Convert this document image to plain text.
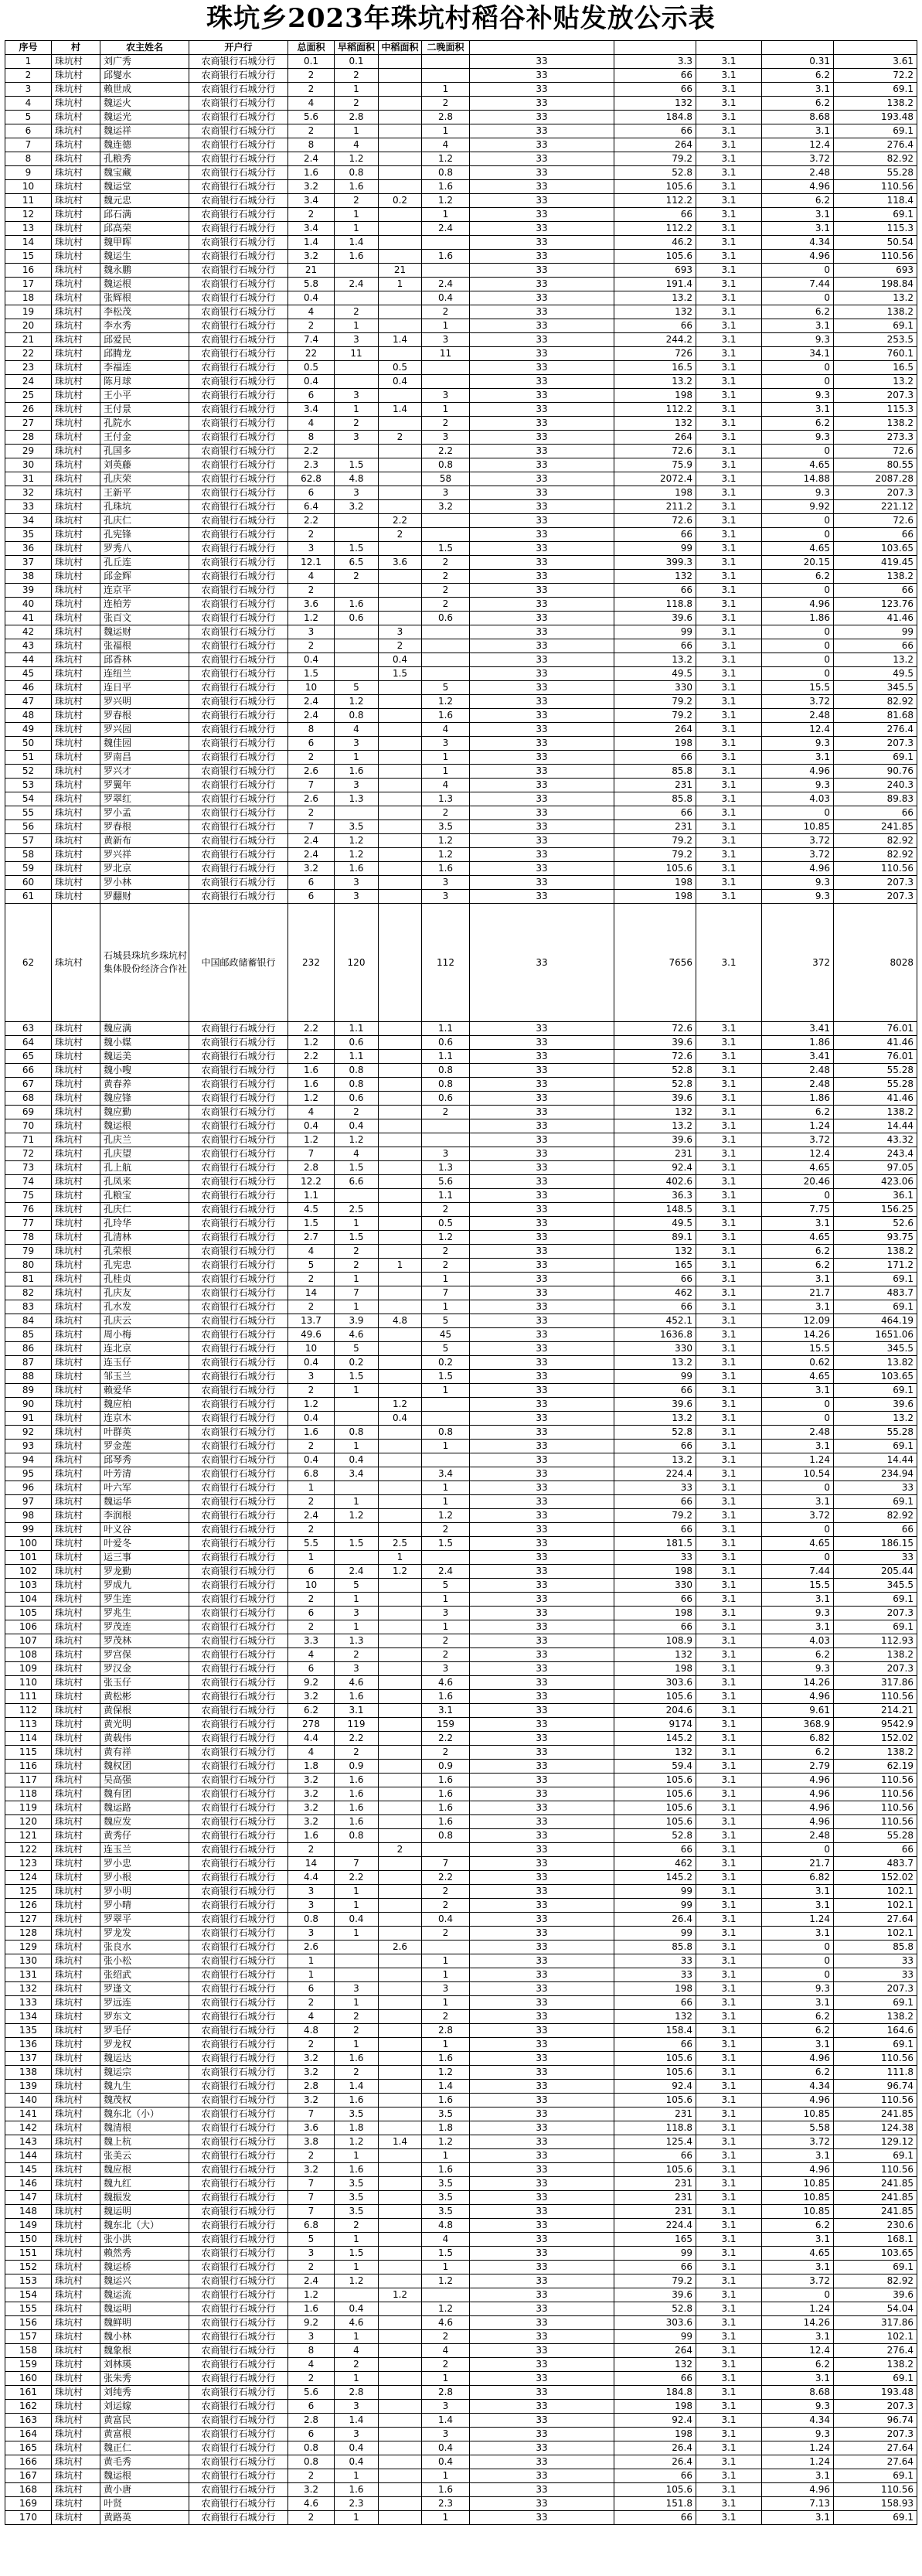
珠坑乡2023年珠坑村稻谷补贴发放公示表
序号	村	农主姓名	开户行	总面积	早稻面积	中稻面积	二晚面积					
1	珠坑村	刘广秀	农商银行石城分行	0.1	0.1			33	3.3	3.1	0.31	3.61
2	珠坑村	邱燮水	农商银行石城分行	2	2			33	66	3.1	6.2	72.2
3	珠坑村	赖世成	农商银行石城分行	2	1		1	33	66	3.1	3.1	69.1
4	珠坑村	魏运火	农商银行石城分行	4	2		2	33	132	3.1	6.2	138.2
5	珠坑村	魏运光	农商银行石城分行	5.6	2.8		2.8	33	184.8	3.1	8.68	193.48
6	珠坑村	魏运祥	农商银行石城分行	2	1		1	33	66	3.1	3.1	69.1
7	珠坑村	魏连德	农商银行石城分行	8	4		4	33	264	3.1	12.4	276.4
8	珠坑村	孔粮秀	农商银行石城分行	2.4	1.2		1.2	33	79.2	3.1	3.72	82.92
9	珠坑村	魏宝藏	农商银行石城分行	1.6	0.8		0.8	33	52.8	3.1	2.48	55.28
10	珠坑村	魏运堂	农商银行石城分行	3.2	1.6		1.6	33	105.6	3.1	4.96	110.56
11	珠坑村	魏元忠	农商银行石城分行	3.4	2	0.2	1.2	33	112.2	3.1	6.2	118.4
12	珠坑村	邱石满	农商银行石城分行	2	1		1	33	66	3.1	3.1	69.1
13	珠坑村	邱高荣	农商银行石城分行	3.4	1		2.4	33	112.2	3.1	3.1	115.3
14	珠坑村	魏甲晖	农商银行石城分行	1.4	1.4			33	46.2	3.1	4.34	50.54
15	珠坑村	魏运生	农商银行石城分行	3.2	1.6		1.6	33	105.6	3.1	4.96	110.56
16	珠坑村	魏永鹏	农商银行石城分行	21		21		33	693	3.1	0	693
17	珠坑村	魏运根	农商银行石城分行	5.8	2.4	1	2.4	33	191.4	3.1	7.44	198.84
18	珠坑村	张辉根	农商银行石城分行	0.4			0.4	33	13.2	3.1	0	13.2
19	珠坑村	李松茂	农商银行石城分行	4	2		2	33	132	3.1	6.2	138.2
20	珠坑村	李水秀	农商银行石城分行	2	1		1	33	66	3.1	3.1	69.1
21	珠坑村	邱爱民	农商银行石城分行	7.4	3	1.4	3	33	244.2	3.1	9.3	253.5
22	珠坑村	邱腾龙	农商银行石城分行	22	11		11	33	726	3.1	34.1	760.1
23	珠坑村	李福连	农商银行石城分行	0.5		0.5		33	16.5	3.1	0	16.5
24	珠坑村	陈月球	农商银行石城分行	0.4		0.4		33	13.2	3.1	0	13.2
25	珠坑村	王小平	农商银行石城分行	6	3		3	33	198	3.1	9.3	207.3
26	珠坑村	王付景	农商银行石城分行	3.4	1	1.4	1	33	112.2	3.1	3.1	115.3
27	珠坑村	孔院水	农商银行石城分行	4	2		2	33	132	3.1	6.2	138.2
28	珠坑村	王付金	农商银行石城分行	8	3	2	3	33	264	3.1	9.3	273.3
29	珠坑村	孔国多	农商银行石城分行	2.2			2.2	33	72.6	3.1	0	72.6
30	珠坑村	刘英藤	农商银行石城分行	2.3	1.5		0.8	33	75.9	3.1	4.65	80.55
31	珠坑村	孔庆荣	农商银行石城分行	62.8	4.8		58	33	2072.4	3.1	14.88	2087.28
32	珠坑村	王新平	农商银行石城分行	6	3		3	33	198	3.1	9.3	207.3
33	珠坑村	孔珠坑	农商银行石城分行	6.4	3.2		3.2	33	211.2	3.1	9.92	221.12
34	珠坑村	孔庆仁	农商银行石城分行	2.2		2.2		33	72.6	3.1	0	72.6
35	珠坑村	孔宪锋	农商银行石城分行	2		2		33	66	3.1	0	66
36	珠坑村	罗秀八	农商银行石城分行	3	1.5		1.5	33	99	3.1	4.65	103.65
37	珠坑村	孔丘连	农商银行石城分行	12.1	6.5	3.6	2	33	399.3	3.1	20.15	419.45
38	珠坑村	邱金辉	农商银行石城分行	4	2		2	33	132	3.1	6.2	138.2
39	珠坑村	连京平	农商银行石城分行	2			2	33	66	3.1	0	66
40	珠坑村	连柏芳	农商银行石城分行	3.6	1.6		2	33	118.8	3.1	4.96	123.76
41	珠坑村	张百文	农商银行石城分行	1.2	0.6		0.6	33	39.6	3.1	1.86	41.46
42	珠坑村	魏运财	农商银行石城分行	3		3		33	99	3.1	0	99
43	珠坑村	张福根	农商银行石城分行	2		2		33	66	3.1	0	66
44	珠坑村	邱香林	农商银行石城分行	0.4		0.4		33	13.2	3.1	0	13.2
45	珠坑村	连纽兰	农商银行石城分行	1.5		1.5		33	49.5	3.1	0	49.5
46	珠坑村	连日平	农商银行石城分行	10	5		5	33	330	3.1	15.5	345.5
47	珠坑村	罗兴明	农商银行石城分行	2.4	1.2		1.2	33	79.2	3.1	3.72	82.92
48	珠坑村	罗春根	农商银行石城分行	2.4	0.8		1.6	33	79.2	3.1	2.48	81.68
49	珠坑村	罗兴园	农商银行石城分行	8	4		4	33	264	3.1	12.4	276.4
50	珠坑村	魏佳园	农商银行石城分行	6	3		3	33	198	3.1	9.3	207.3
51	珠坑村	罗南昌	农商银行石城分行	2	1		1	33	66	3.1	3.1	69.1
52	珠坑村	罗兴才	农商银行石城分行	2.6	1.6		1	33	85.8	3.1	4.96	90.76
53	珠坑村	罗翼年	农商银行石城分行	7	3		4	33	231	3.1	9.3	240.3
54	珠坑村	罗翠红	农商银行石城分行	2.6	1.3		1.3	33	85.8	3.1	4.03	89.83
55	珠坑村	罗小孟	农商银行石城分行	2			2	33	66	3.1	0	66
56	珠坑村	罗春根	农商银行石城分行	7	3.5		3.5	33	231	3.1	10.85	241.85
57	珠坑村	黄新布	农商银行石城分行	2.4	1.2		1.2	33	79.2	3.1	3.72	82.92
58	珠坑村	罗兴祥	农商银行石城分行	2.4	1.2		1.2	33	79.2	3.1	3.72	82.92
59	珠坑村	罗北京	农商银行石城分行	3.2	1.6		1.6	33	105.6	3.1	4.96	110.56
60	珠坑村	罗小林	农商银行石城分行	6	3		3	33	198	3.1	9.3	207.3
61	珠坑村	罗翻财	农商银行石城分行	6	3		3	33	198	3.1	9.3	207.3
62	珠坑村	石城县珠坑乡珠坑村集体股份经济合作社	中国邮政储蓄银行	232	120		112	33	7656	3.1	372	8028
63	珠坑村	魏应满	农商银行石城分行	2.2	1.1		1.1	33	72.6	3.1	3.41	76.01
64	珠坑村	魏小媒	农商银行石城分行	1.2	0.6		0.6	33	39.6	3.1	1.86	41.46
65	珠坑村	魏运美	农商银行石城分行	2.2	1.1		1.1	33	72.6	3.1	3.41	76.01
66	珠坑村	魏小嗖	农商银行石城分行	1.6	0.8		0.8	33	52.8	3.1	2.48	55.28
67	珠坑村	黄春养	农商银行石城分行	1.6	0.8		0.8	33	52.8	3.1	2.48	55.28
68	珠坑村	魏应锋	农商银行石城分行	1.2	0.6		0.6	33	39.6	3.1	1.86	41.46
69	珠坑村	魏应勤	农商银行石城分行	4	2		2	33	132	3.1	6.2	138.2
70	珠坑村	魏运根	农商银行石城分行	0.4	0.4			33	13.2	3.1	1.24	14.44
71	珠坑村	孔庆兰	农商银行石城分行	1.2	1.2			33	39.6	3.1	3.72	43.32
72	珠坑村	孔庆望	农商银行石城分行	7	4		3	33	231	3.1	12.4	243.4
73	珠坑村	孔上航	农商银行石城分行	2.8	1.5		1.3	33	92.4	3.1	4.65	97.05
74	珠坑村	孔凤来	农商银行石城分行	12.2	6.6		5.6	33	402.6	3.1	20.46	423.06
75	珠坑村	孔粮宝	农商银行石城分行	1.1			1.1	33	36.3	3.1	0	36.1
76	珠坑村	孔庆仁	农商银行石城分行	4.5	2.5		2	33	148.5	3.1	7.75	156.25
77	珠坑村	孔玲华	农商银行石城分行	1.5	1		0.5	33	49.5	3.1	3.1	52.6
78	珠坑村	孔清林	农商银行石城分行	2.7	1.5		1.2	33	89.1	3.1	4.65	93.75
79	珠坑村	孔荣根	农商银行石城分行	4	2		2	33	132	3.1	6.2	138.2
80	珠坑村	孔宪忠	农商银行石城分行	5	2	1	2	33	165	3.1	6.2	171.2
81	珠坑村	孔桂贞	农商银行石城分行	2	1		1	33	66	3.1	3.1	69.1
82	珠坑村	孔庆友	农商银行石城分行	14	7		7	33	462	3.1	21.7	483.7
83	珠坑村	孔水发	农商银行石城分行	2	1		1	33	66	3.1	3.1	69.1
84	珠坑村	孔庆云	农商银行石城分行	13.7	3.9	4.8	5	33	452.1	3.1	12.09	464.19
85	珠坑村	周小梅	农商银行石城分行	49.6	4.6		45	33	1636.8	3.1	14.26	1651.06
86	珠坑村	连北京	农商银行石城分行	10	5		5	33	330	3.1	15.5	345.5
87	珠坑村	连玉仔	农商银行石城分行	0.4	0.2		0.2	33	13.2	3.1	0.62	13.82
88	珠坑村	邹玉兰	农商银行石城分行	3	1.5		1.5	33	99	3.1	4.65	103.65
89	珠坑村	赖爱华	农商银行石城分行	2	1		1	33	66	3.1	3.1	69.1
90	珠坑村	魏应柏	农商银行石城分行	1.2		1.2		33	39.6	3.1	0	39.6
91	珠坑村	连京木	农商银行石城分行	0.4		0.4		33	13.2	3.1	0	13.2
92	珠坑村	叶群英	农商银行石城分行	1.6	0.8		0.8	33	52.8	3.1	2.48	55.28
93	珠坑村	罗金莲	农商银行石城分行	2	1		1	33	66	3.1	3.1	69.1
94	珠坑村	邱琴秀	农商银行石城分行	0.4	0.4			33	13.2	3.1	1.24	14.44
95	珠坑村	叶芳清	农商银行石城分行	6.8	3.4		3.4	33	224.4	3.1	10.54	234.94
96	珠坑村	叶六军	农商银行石城分行	1			1	33	33	3.1	0	33
97	珠坑村	魏运华	农商银行石城分行	2	1		1	33	66	3.1	3.1	69.1
98	珠坑村	李润根	农商银行石城分行	2.4	1.2		1.2	33	79.2	3.1	3.72	82.92
99	珠坑村	叶义谷	农商银行石城分行	2			2	33	66	3.1	0	66
100	珠坑村	叶爱冬	农商银行石城分行	5.5	1.5	2.5	1.5	33	181.5	3.1	4.65	186.15
101	珠坑村	运三事	农商银行石城分行	1		1		33	33	3.1	0	33
102	珠坑村	罗龙勤	农商银行石城分行	6	2.4	1.2	2.4	33	198	3.1	7.44	205.44
103	珠坑村	罗成九	农商银行石城分行	10	5		5	33	330	3.1	15.5	345.5
104	珠坑村	罗生连	农商银行石城分行	2	1		1	33	66	3.1	3.1	69.1
105	珠坑村	罗兆生	农商银行石城分行	6	3		3	33	198	3.1	9.3	207.3
106	珠坑村	罗茂连	农商银行石城分行	2	1		1	33	66	3.1	3.1	69.1
107	珠坑村	罗茂林	农商银行石城分行	3.3	1.3		2	33	108.9	3.1	4.03	112.93
108	珠坑村	罗宫保	农商银行石城分行	4	2		2	33	132	3.1	6.2	138.2
109	珠坑村	罗汉金	农商银行石城分行	6	3		3	33	198	3.1	9.3	207.3
110	珠坑村	张玉仔	农商银行石城分行	9.2	4.6		4.6	33	303.6	3.1	14.26	317.86
111	珠坑村	黄松彬	农商银行石城分行	3.2	1.6		1.6	33	105.6	3.1	4.96	110.56
112	珠坑村	黄保根	农商银行石城分行	6.2	3.1		3.1	33	204.6	3.1	9.61	214.21
113	珠坑村	黄光明	农商银行石城分行	278	119		159	33	9174	3.1	368.9	9542.9
114	珠坑村	黄载伟	农商银行石城分行	4.4	2.2		2.2	33	145.2	3.1	6.82	152.02
115	珠坑村	黄有祥	农商银行石城分行	4	2		2	33	132	3.1	6.2	138.2
116	珠坑村	魏权团	农商银行石城分行	1.8	0.9		0.9	33	59.4	3.1	2.79	62.19
117	珠坑村	吴高强	农商银行石城分行	3.2	1.6		1.6	33	105.6	3.1	4.96	110.56
118	珠坑村	魏有团	农商银行石城分行	3.2	1.6		1.6	33	105.6	3.1	4.96	110.56
119	珠坑村	魏运路	农商银行石城分行	3.2	1.6		1.6	33	105.6	3.1	4.96	110.56
120	珠坑村	魏应发	农商银行石城分行	3.2	1.6		1.6	33	105.6	3.1	4.96	110.56
121	珠坑村	黄秀仔	农商银行石城分行	1.6	0.8		0.8	33	52.8	3.1	2.48	55.28
122	珠坑村	连玉兰	农商银行石城分行	2		2		33	66	3.1	0	66
123	珠坑村	罗小忠	农商银行石城分行	14	7		7	33	462	3.1	21.7	483.7
124	珠坑村	罗小根	农商银行石城分行	4.4	2.2		2.2	33	145.2	3.1	6.82	152.02
125	珠坑村	罗小明	农商银行石城分行	3	1		2	33	99	3.1	3.1	102.1
126	珠坑村	罗小晴	农商银行石城分行	3	1		2	33	99	3.1	3.1	102.1
127	珠坑村	罗翠平	农商银行石城分行	0.8	0.4		0.4	33	26.4	3.1	1.24	27.64
128	珠坑村	罗龙发	农商银行石城分行	3	1		2	33	99	3.1	3.1	102.1
129	珠坑村	张良水	农商银行石城分行	2.6		2.6		33	85.8	3.1	0	85.8
130	珠坑村	张小松	农商银行石城分行	1			1	33	33	3.1	0	33
131	珠坑村	张绍武	农商银行石城分行	1			1	33	33	3.1	0	33
132	珠坑村	罗逢文	农商银行石城分行	6	3		3	33	198	3.1	9.3	207.3
133	珠坑村	罗远连	农商银行石城分行	2	1		1	33	66	3.1	3.1	69.1
134	珠坑村	罗东文	农商银行石城分行	4	2		2	33	132	3.1	6.2	138.2
135	珠坑村	罗毛仔	农商银行石城分行	4.8	2		2.8	33	158.4	3.1	6.2	164.6
136	珠坑村	罗龙权	农商银行石城分行	2	1		1	33	66	3.1	3.1	69.1
137	珠坑村	魏运达	农商银行石城分行	3.2	1.6		1.6	33	105.6	3.1	4.96	110.56
138	珠坑村	魏运宗	农商银行石城分行	3.2	2		1.2	33	105.6	3.1	6.2	111.8
139	珠坑村	魏九生	农商银行石城分行	2.8	1.4		1.4	33	92.4	3.1	4.34	96.74
140	珠坑村	魏茂权	农商银行石城分行	3.2	1.6		1.6	33	105.6	3.1	4.96	110.56
141	珠坑村	魏东北（小）	农商银行石城分行	7	3.5		3.5	33	231	3.1	10.85	241.85
142	珠坑村	魏清根	农商银行石城分行	3.6	1.8		1.8	33	118.8	3.1	5.58	124.38
143	珠坑村	魏上杭	农商银行石城分行	3.8	1.2	1.4	1.2	33	125.4	3.1	3.72	129.12
144	珠坑村	张美云	农商银行石城分行	2	1		1	33	66	3.1	3.1	69.1
145	珠坑村	魏应根	农商银行石城分行	3.2	1.6		1.6	33	105.6	3.1	4.96	110.56
146	珠坑村	魏九红	农商银行石城分行	7	3.5		3.5	33	231	3.1	10.85	241.85
147	珠坑村	魏振发	农商银行石城分行	7	3.5		3.5	33	231	3.1	10.85	241.85
148	珠坑村	魏运明	农商银行石城分行	7	3.5		3.5	33	231	3.1	10.85	241.85
149	珠坑村	魏东北（大）	农商银行石城分行	6.8	2		4.8	33	224.4	3.1	6.2	230.6
150	珠坑村	张小洪	农商银行石城分行	5	1		4	33	165	3.1	3.1	168.1
151	珠坑村	赖然秀	农商银行石城分行	3	1.5		1.5	33	99	3.1	4.65	103.65
152	珠坑村	魏运桥	农商银行石城分行	2	1		1	33	66	3.1	3.1	69.1
153	珠坑村	魏运兴	农商银行石城分行	2.4	1.2		1.2	33	79.2	3.1	3.72	82.92
154	珠坑村	魏运流	农商银行石城分行	1.2		1.2		33	39.6	3.1	0	39.6
155	珠坑村	魏运明	农商银行石城分行	1.6	0.4		1.2	33	52.8	3.1	1.24	54.04
156	珠坑村	魏鲜明	农商银行石城分行	9.2	4.6		4.6	33	303.6	3.1	14.26	317.86
157	珠坑村	魏小林	农商银行石城分行	3	1		2	33	99	3.1	3.1	102.1
158	珠坑村	魏象根	农商银行石城分行	8	4		4	33	264	3.1	12.4	276.4
159	珠坑村	刘林瑛	农商银行石城分行	4	2		2	33	132	3.1	6.2	138.2
160	珠坑村	张朱秀	农商银行石城分行	2	1		1	33	66	3.1	3.1	69.1
161	珠坑村	刘纯秀	农商银行石城分行	5.6	2.8		2.8	33	184.8	3.1	8.68	193.48
162	珠坑村	刘运嫁	农商银行石城分行	6	3		3	33	198	3.1	9.3	207.3
163	珠坑村	黄富民	农商银行石城分行	2.8	1.4		1.4	33	92.4	3.1	4.34	96.74
164	珠坑村	黄富根	农商银行石城分行	6	3		3	33	198	3.1	9.3	207.3
165	珠坑村	魏正仁	农商银行石城分行	0.8	0.4		0.4	33	26.4	3.1	1.24	27.64
166	珠坑村	黄毛秀	农商银行石城分行	0.8	0.4		0.4	33	26.4	3.1	1.24	27.64
167	珠坑村	魏运根	农商银行石城分行	2	1		1	33	66	3.1	3.1	69.1
168	珠坑村	黄小唐	农商银行石城分行	3.2	1.6		1.6	33	105.6	3.1	4.96	110.56
169	珠坑村	叶贤	农商银行石城分行	4.6	2.3		2.3	33	151.8	3.1	7.13	158.93
170	珠坑村	黄路英	农商银行石城分行	2	1		1	33	66	3.1	3.1	69.1
